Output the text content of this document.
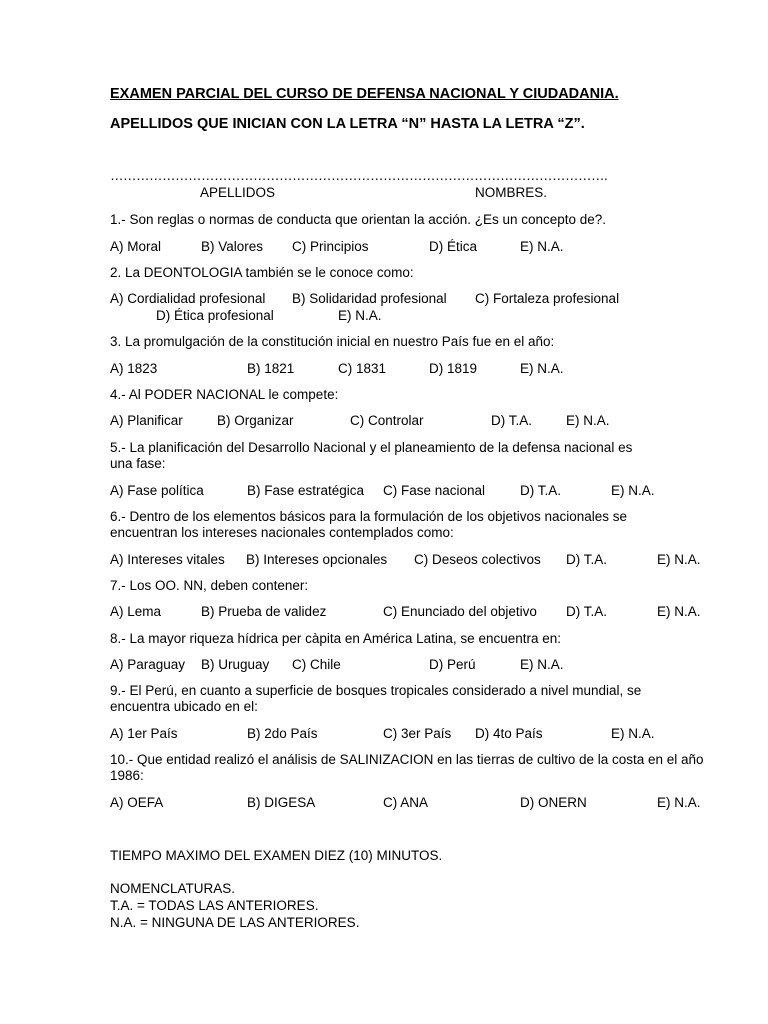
EXAMEN PARCIAL DEL CURSO DE DEFENSA NACIONAL Y CIUDADANIA.
APELLIDOS QUE INICIAN CON LA LETRA “N” HASTA LA LETRA “Z”.
…………………………………………………………………………………………………….
APELLIDOS	NOMBRES.
1.- Son reglas o normas de conducta que orientan la acción. ¿Es un concepto de?.
A) Moral	B) Valores C) Principios	D) Ética	E) N.A.
2. La DEONTOLOGIA también se le conoce como:
A) Cordialidad profesional B) Solidaridad profesional C) Fortaleza profesional
D) Ética profesional	E) N.A.
3. La promulgación de la constitución inicial en nuestro País fue en el año:
A) 1823	B) 1821	C) 1831	D) 1819	E) N.A.
4.- Al PODER NACIONAL le compete:
A) Planificar	B) Organizar	C) Controlar	D) T.A.	E) N.A.
5.- La planificación del Desarrollo Nacional y el planeamiento de la defensa nacional es una fase:
A) Fase política	B) Fase estratégica C) Fase nacional	D) T.A.	E) N.A.
6.- Dentro de los elementos básicos para la formulación de los objetivos nacionales se encuentran los intereses nacionales contemplados como:
A) Intereses vitales B) Intereses opcionales C) Deseos colectivos D) T.A.	E) N.A.
7.- Los OO. NN, deben contener:
A) Lema	B) Prueba de validez	C) Enunciado del objetivo D) T.A.	E) N.A.
8.- La mayor riqueza hídrica per càpita en América Latina, se encuentra en:
A) Paraguay B) Uruguay C) Chile	D) Perú	E) N.A.
9.- El Perú, en cuanto a superficie de bosques tropicales considerado a nivel mundial, se encuentra ubicado en el:
A) 1er País	B) 2do País	C) 3er País D) 4to País	E) N.A.
10.- Que entidad realizó el análisis de SALINIZACION en las tierras de cultivo de la costa en el año 1986:
A) OEFA	B) DIGESA	C) ANA	D) ONERN	E) N.A.
TIEMPO MAXIMO DEL EXAMEN DIEZ (10) MINUTOS.
NOMENCLATURAS.
T.A. = TODAS LAS ANTERIORES.
N.A. = NINGUNA DE LAS ANTERIORES.
